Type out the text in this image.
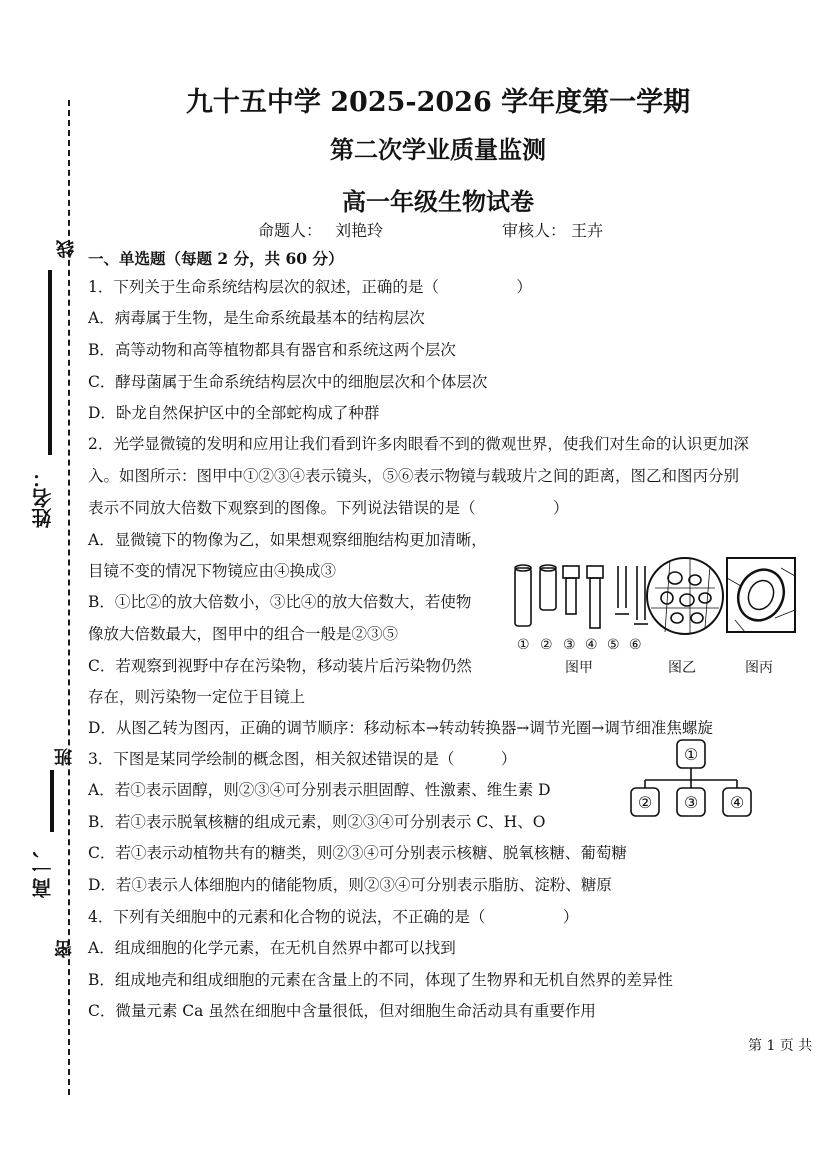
线
姓名：
班
高一、
密
九十五中学 2025-2026 学年度第一学期
第二次学业质量监测
高一年级生物试卷
命题人： 刘艳玲	审核人： 王卉
一、单选题（每题 2 分，共 60 分）
1．下列关于生命系统结构层次的叙述，正确的是（　　　　　）
A．病毒属于生物，是生命系统最基本的结构层次
B．高等动物和高等植物都具有器官和系统这两个层次
C．酵母菌属于生命系统结构层次中的细胞层次和个体层次
D．卧龙自然保护区中的全部蛇构成了种群
2．光学显微镜的发明和应用让我们看到许多肉眼看不到的微观世界，使我们对生命的认识更加深
入。如图所示：图甲中①②③④表示镜头，⑤⑥表示物镜与载玻片之间的距离，图乙和图丙分别
表示不同放大倍数下观察到的图像。下列说法错误的是（　　　　　）
A．显微镜下的物像为乙，如果想观察细胞结构更加清晰，
目镜不变的情况下物镜应由④换成③
B．①比②的放大倍数小，③比④的放大倍数大，若使物
像放大倍数最大，图甲中的组合一般是②③⑤
C．若观察到视野中存在污染物，移动装片后污染物仍然
存在，则污染物一定位于目镜上
D．从图乙转为图丙，正确的调节顺序：移动标本→转动转换器→调节光圈→调节细准焦螺旋
① ② ③ ④ ⑤ ⑥
图甲	图乙	图丙
3．下图是某同学绘制的概念图，相关叙述错误的是（　　　）
A．若①表示固醇，则②③④可分别表示胆固醇、性激素、维生素 D
B．若①表示脱氧核糖的组成元素，则②③④可分别表示 C、H、O
C．若①表示动植物共有的糖类，则②③④可分别表示核糖、脱氧核糖、葡萄糖
D．若①表示人体细胞内的储能物质，则②③④可分别表示脂肪、淀粉、糖原
①
② ③ ④
4．下列有关细胞中的元素和化合物的说法，不正确的是（　　　　　）
A．组成细胞的化学元素，在无机自然界中都可以找到
B．组成地壳和组成细胞的元素在含量上的不同，体现了生物界和无机自然界的差异性
C．微量元素 Ca 虽然在细胞中含量很低，但对细胞生命活动具有重要作用
第 1 页 共
